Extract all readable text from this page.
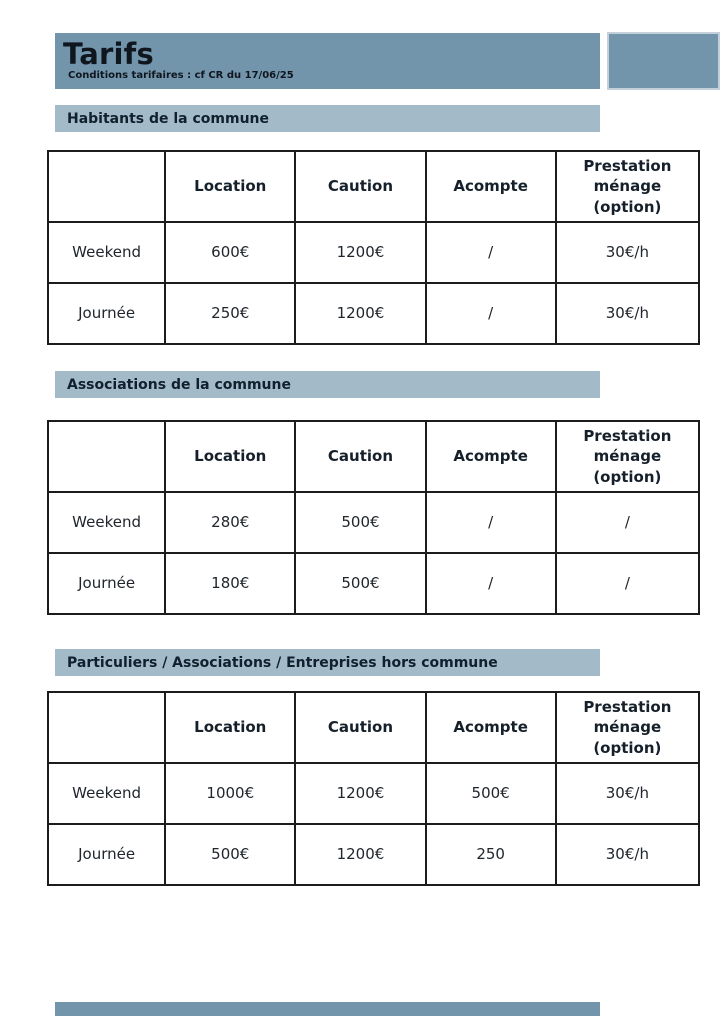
Tarifs
Conditions tarifaires : cf CR du 17/06/25
Habitants de la commune
	Location	Caution	Acompte	Prestation ménage (option)
Weekend	600€	1200€	/	30€/h
Journée	250€	1200€	/	30€/h
Associations de la commune
	Location	Caution	Acompte	Prestation ménage (option)
Weekend	280€	500€	/	/
Journée	180€	500€	/	/
Particuliers / Associations / Entreprises hors commune
	Location	Caution	Acompte	Prestation ménage (option)
Weekend	1000€	1200€	500€	30€/h
Journée	500€	1200€	250	30€/h
